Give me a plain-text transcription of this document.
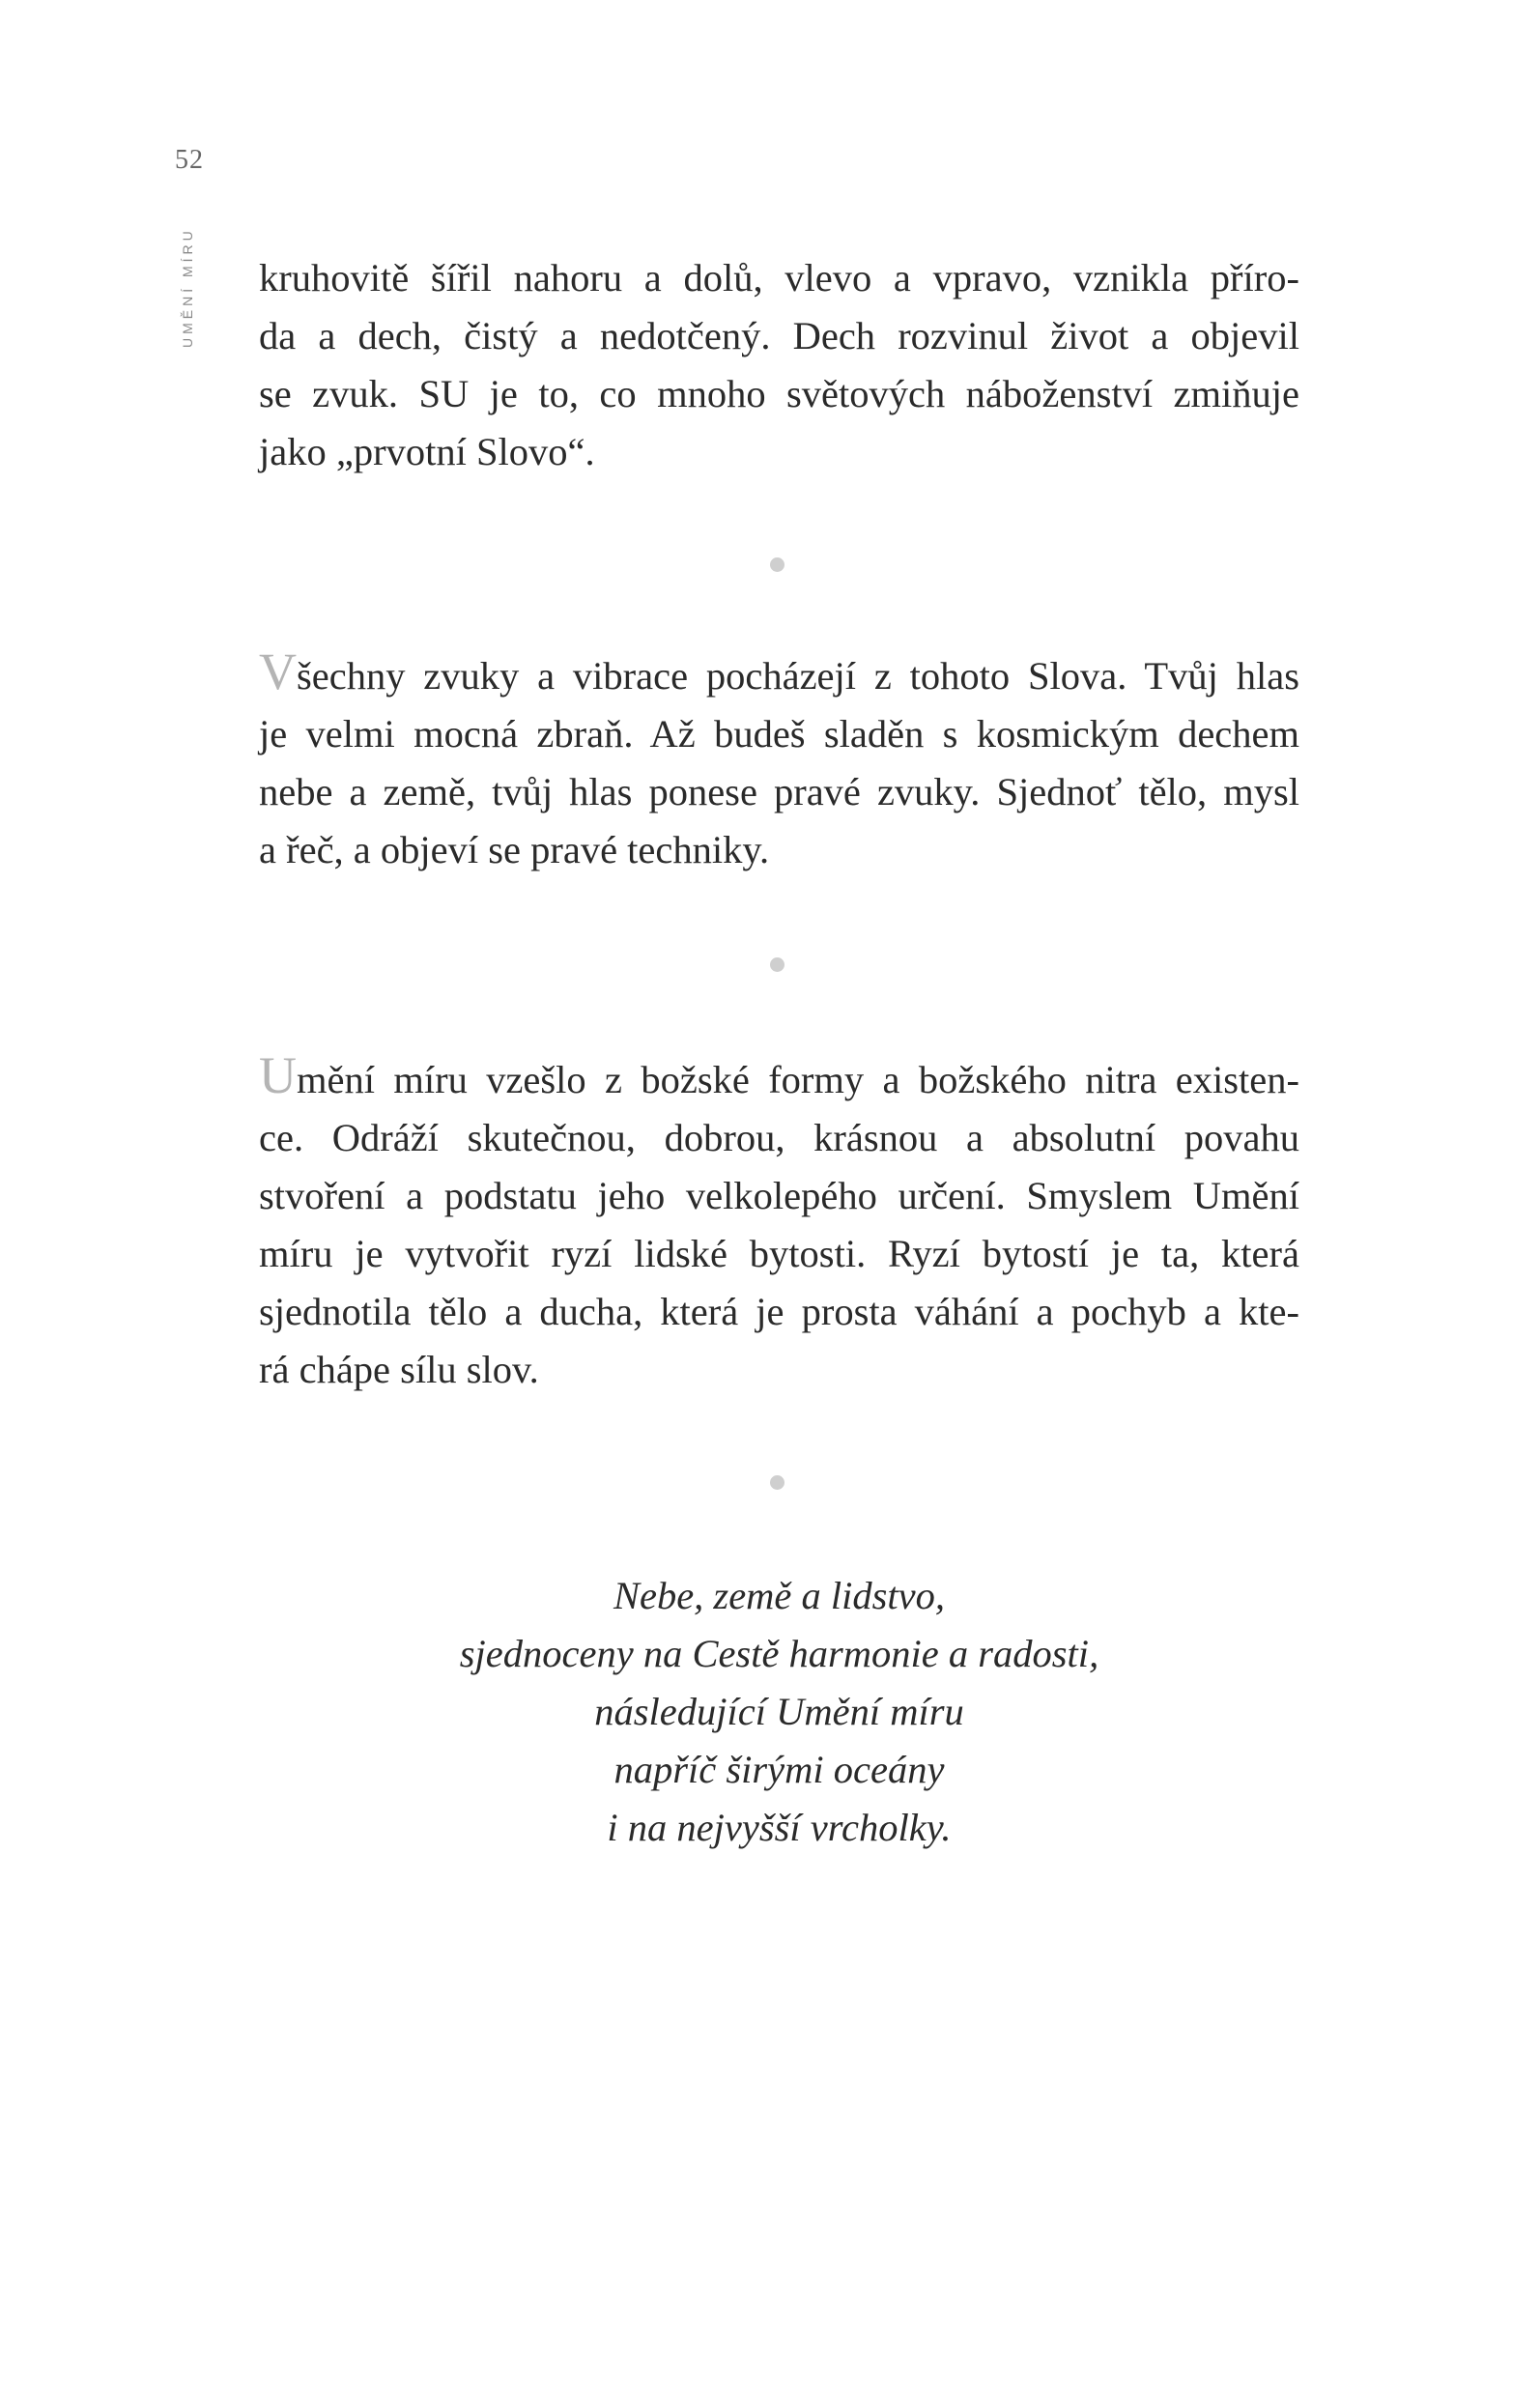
52
UMĚNÍ MÍRU kruhovitě šířil nahoru a dolů, vlevo a vpravo, vznikla příro-
da a dech, čistý a nedotčený. Dech rozvinul život a objevil
se zvuk. SU je to, co mnoho světových náboženství zmiňuje
jako „prvotní Slovo“.
Všechny zvuky a vibrace pocházejí z tohoto Slova. Tvůj hlas
je velmi mocná zbraň. Až budeš sladěn s kosmickým dechem
nebe a země, tvůj hlas ponese pravé zvuky. Sjednoť tělo, mysl
a řeč, a objeví se pravé techniky.
Umění míru vzešlo z božské formy a božského nitra existen-
ce. Odráží skutečnou, dobrou, krásnou a absolutní povahu
stvoření a podstatu jeho velkolepého určení. Smyslem Umění
míru je vytvořit ryzí lidské bytosti. Ryzí bytostí je ta, která
sjednotila tělo a ducha, která je prosta váhání a pochyb a kte-
rá chápe sílu slov.
Nebe, země a lidstvo,
sjednoceny na Cestě harmonie a radosti,
následující Umění míru
napříč širými oceány
i na nejvyšší vrcholky.
